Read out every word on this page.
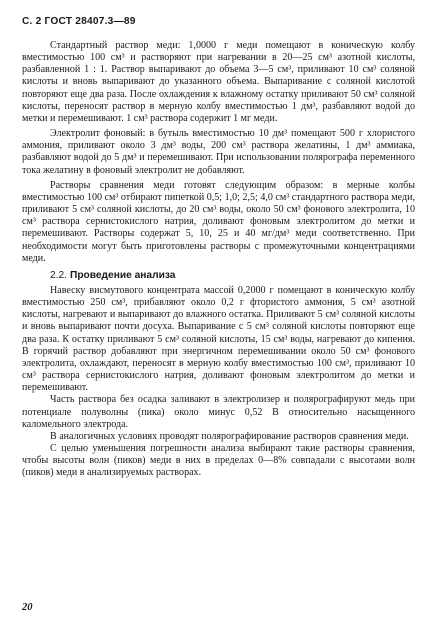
С. 2 ГОСТ 28407.3—89

Стандартный раствор меди: 1,0000 г меди помещают в коническую колбу вместимостью 100 см³ и растворяют при нагревании в 20—25 см³ азотной кислоты, разбавленной 1 : 1. Раствор выпаривают до объема 3—5 см³, приливают 10 см³ соляной кислоты и вновь выпаривают до указанного объема. Выпаривание с соляной кислотой повторяют еще два раза. После охлаждения к влажному остатку приливают 50 см³ соляной кислоты, переносят раствор в мерную колбу вместимостью 1 дм³, разбавляют водой до метки и перемешивают. 1 см³ раствора содержит 1 мг меди.

Электролит фоновый: в бутыль вместимостью 10 дм³ помещают 500 г хлористого аммония, приливают около 3 дм³ воды, 200 см³ раствора желатины, 1 дм³ аммиака, разбавляют водой до 5 дм³ и перемешивают. При использовании полярографа переменного тока желатину в фоновый электролит не добавляют.

Растворы сравнения меди готовят следующим образом: в мерные колбы вместимостью 100 см³ отбирают пипеткой 0,5; 1,0; 2,5; 4,0 см³ стандартного раствора меди, приливают 5 см³ соляной кислоты, до 20 см³ воды, около 50 см³ фонового электролита, 10 см³ раствора сернистокислого натрия, доливают фоновым электролитом до метки и перемешивают. Растворы содержат 5, 10, 25 и 40 мг/дм³ меди соответственно. При необходимости могут быть приготовлены растворы с промежуточными концентрациями меди.

2.2. Проведение анализа

Навеску висмутового концентрата массой 0,2000 г помещают в коническую колбу вместимостью 250 см³, прибавляют около 0,2 г фтористого аммония, 5 см³ азотной кислоты, нагревают и выпаривают до влажного остатка. Приливают 5 см³ соляной кислоты и вновь выпаривают почти досуха. Выпаривание с 5 см³ соляной кислоты повторяют еще два раза. К остатку приливают 5 см³ соляной кислоты, 15 см³ воды, нагревают до кипения. В горячий раствор добавляют при энергичном перемешивании около 50 см³ фонового электролита, охлаждают, переносят в мерную колбу вместимостью 100 см³, приливают 10 см³ раствора сернистокислого натрия, доливают фоновым электролитом до метки и перемешивают.

Часть раствора без осадка заливают в электролизер и полярографируют медь при потенциале полуволны (пика) около минус 0,52 В относительно насыщенного каломельного электрода.

В аналогичных условиях проводят полярографирование растворов сравнения меди.

С целью уменьшения погрешности анализа выбирают такие растворы сравнения, чтобы высоты волн (пиков) меди в них в пределах 0—8% совпадали с высотами волн (пиков) меди в анализируемых растворах.

20
